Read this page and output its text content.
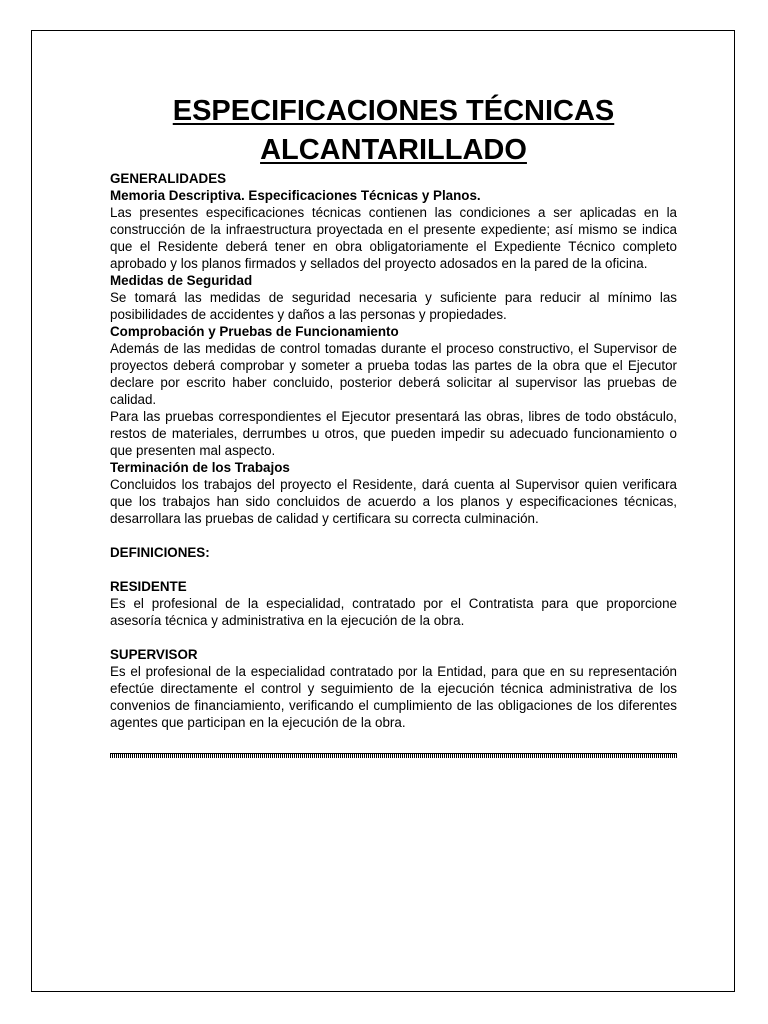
ESPECIFICACIONES TÉCNICAS
ALCANTARILLADO
GENERALIDADES
Memoria Descriptiva. Especificaciones Técnicas y Planos.
Las presentes especificaciones técnicas contienen las condiciones a ser aplicadas en la construcción de la infraestructura proyectada en el presente expediente; así mismo se indica que el Residente deberá tener en obra obligatoriamente el Expediente Técnico completo aprobado y los planos firmados y sellados del proyecto adosados en la pared de la oficina.
Medidas de Seguridad
Se tomará las medidas de seguridad necesaria y suficiente para reducir al mínimo las posibilidades de accidentes y daños a las personas y propiedades.
Comprobación y Pruebas de Funcionamiento
Además de las medidas de control tomadas durante el proceso constructivo, el Supervisor de proyectos deberá comprobar y someter a prueba todas las partes de la obra que el Ejecutor declare por escrito haber concluido, posterior deberá solicitar al supervisor las pruebas de calidad.
Para las pruebas correspondientes el Ejecutor presentará las obras, libres de todo obstáculo, restos de materiales, derrumbes u otros, que pueden impedir su adecuado funcionamiento o que presenten mal aspecto.
Terminación de los Trabajos
Concluidos los trabajos del proyecto el Residente, dará cuenta al Supervisor quien verificara que los trabajos han sido concluidos de acuerdo a los planos y especificaciones técnicas, desarrollara las pruebas de calidad y certificara su correcta culminación.
DEFINICIONES:
RESIDENTE
Es el profesional de la especialidad, contratado por el Contratista para que proporcione asesoría técnica y administrativa en la ejecución de la obra.
SUPERVISOR
Es el profesional de la especialidad contratado por la Entidad, para que en su representación efectúe directamente el control y seguimiento de la ejecución técnica administrativa de los convenios de financiamiento, verificando el cumplimiento de las obligaciones de los diferentes agentes que participan en la ejecución de la obra.
